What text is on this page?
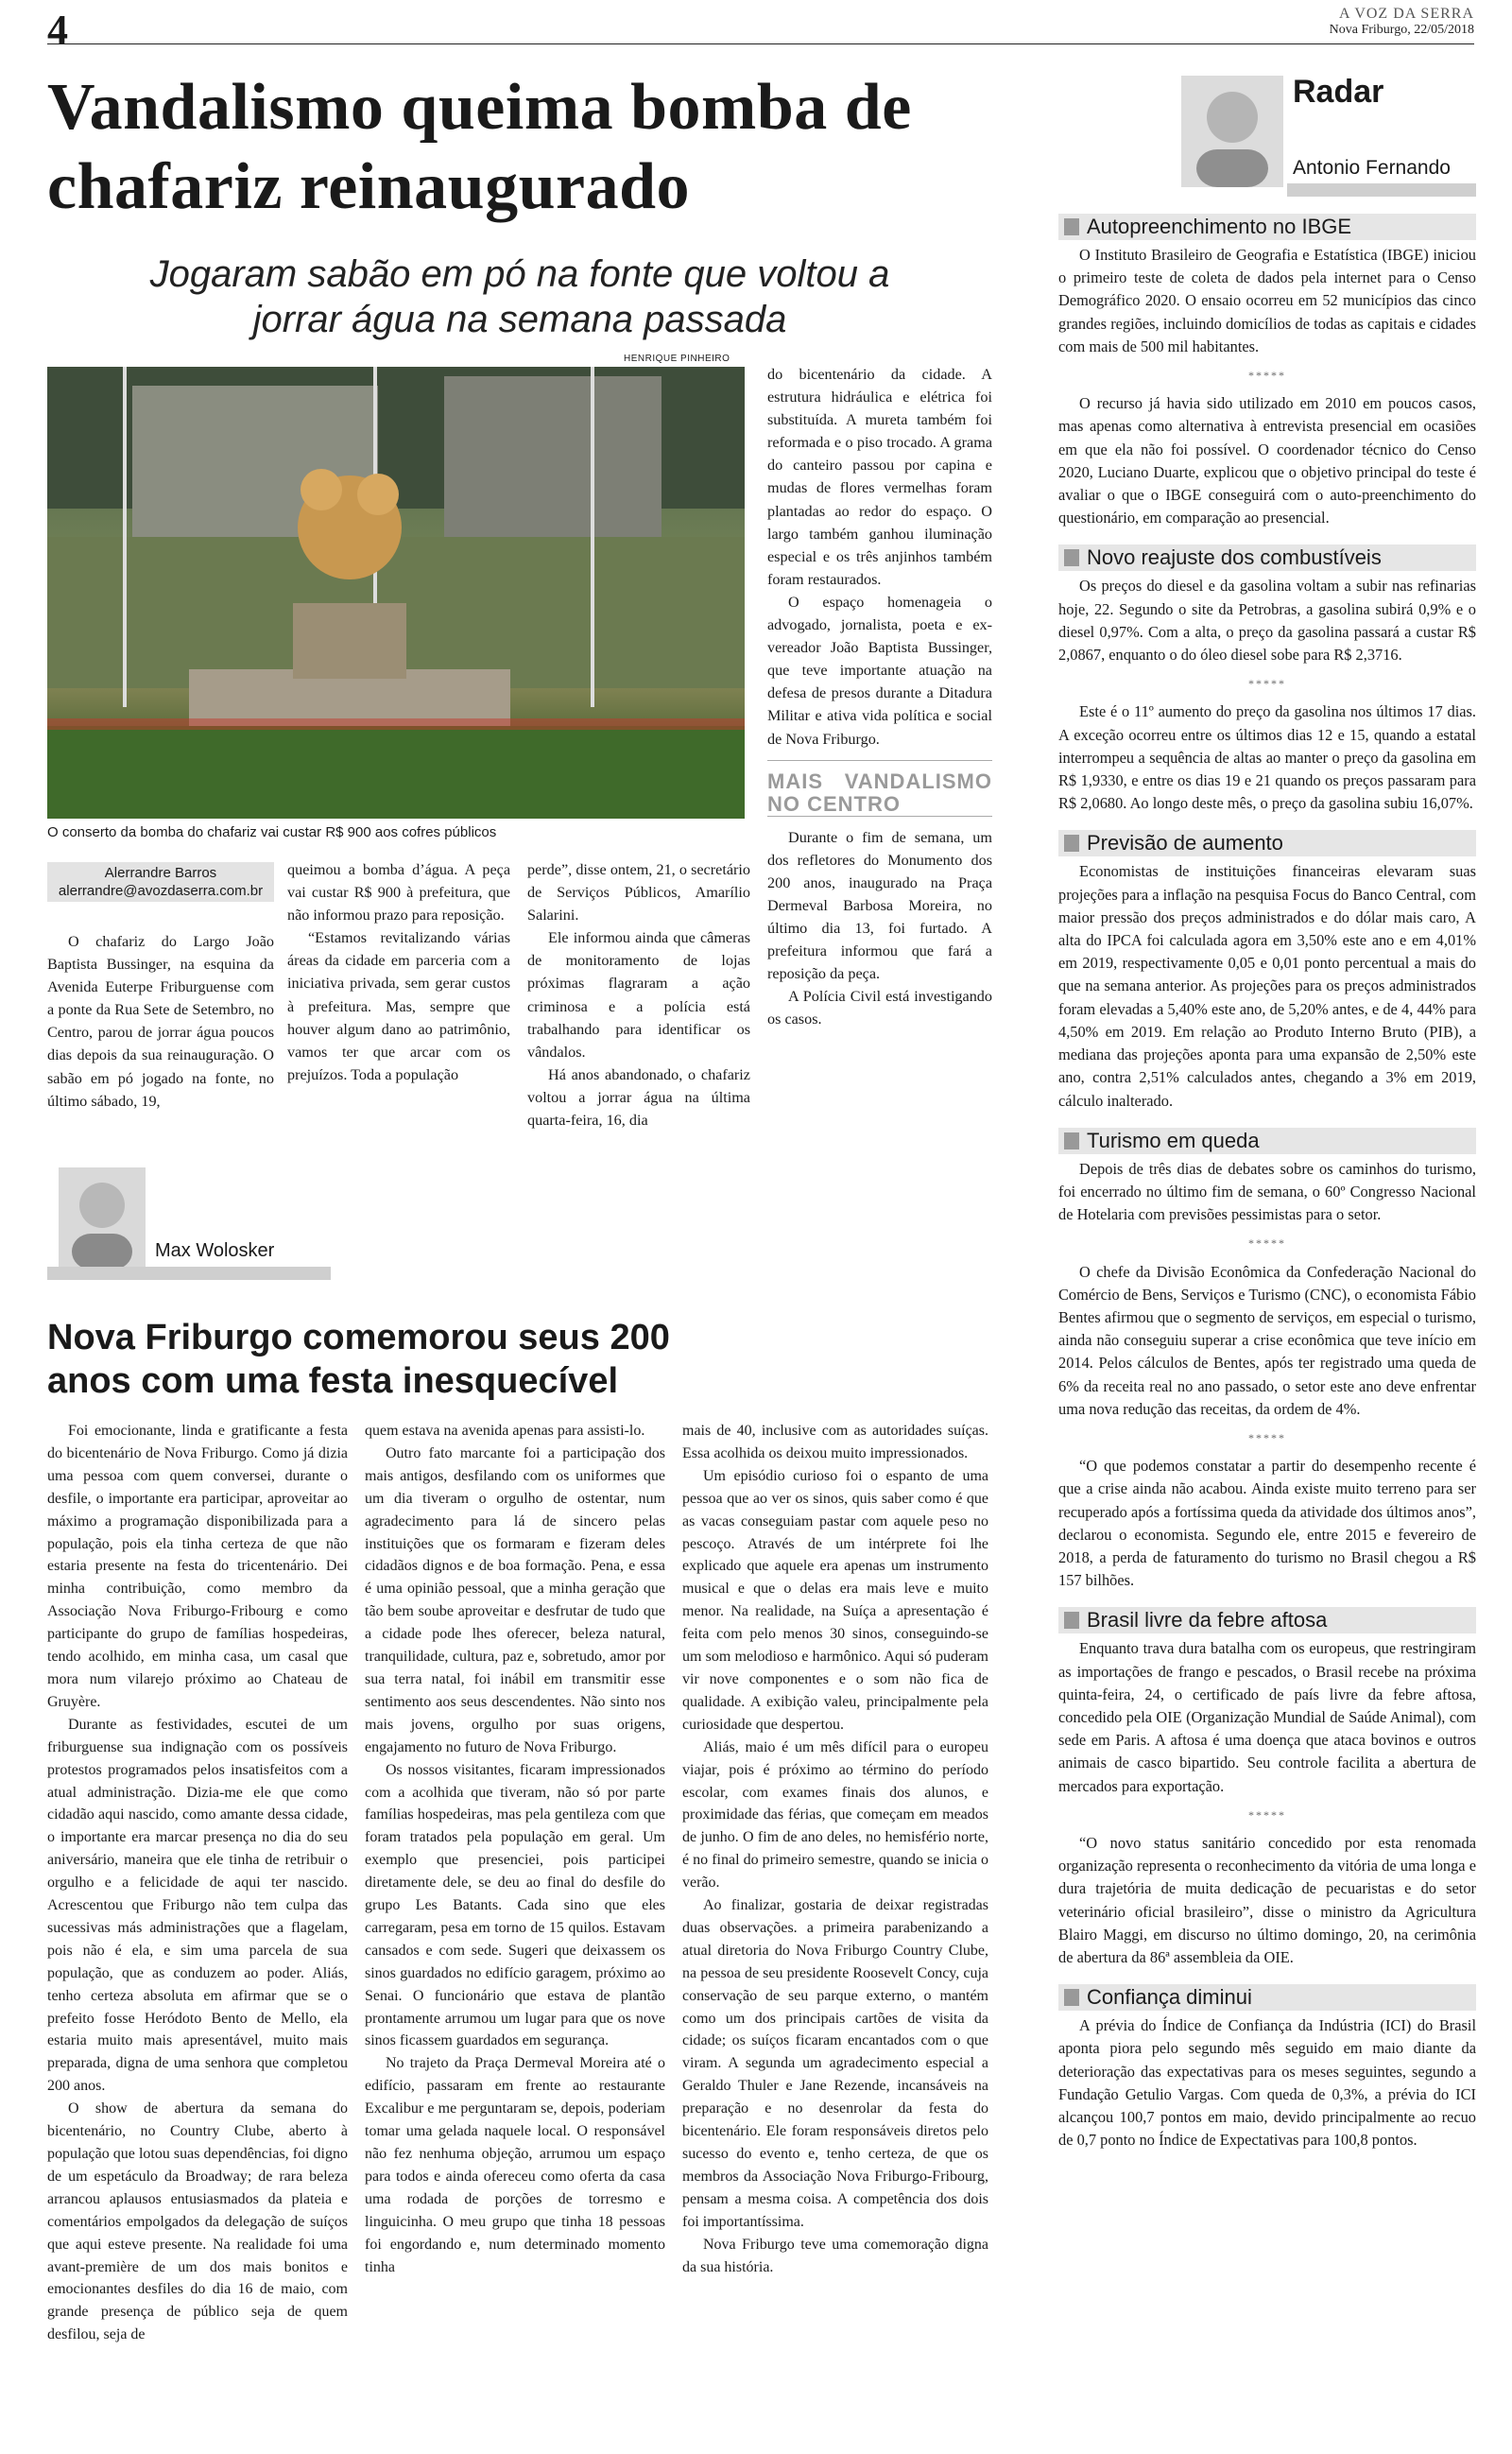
4	A VOZ DA SERRA
Nova Friburgo, 22/05/2018
Vandalismo queima bomba de chafariz reinaugurado
Jogaram sabão em pó na fonte que voltou a jorrar água na semana passada
HENRIQUE PINHEIRO
O conserto da bomba do chafariz vai custar R$ 900 aos cofres públicos
Alerrandre Barros
alerrandre@avozdaserra.com.br

O chafariz do Largo João Baptista Bussinger, na esquina da Avenida Euterpe Friburguense com a ponte da Rua Sete de Setembro, no Centro, parou de jorrar água poucos dias depois da sua reinauguração. O sabão em pó jogado na fonte, no último sábado, 19,

queimou a bomba d’água. A peça vai custar R$ 900 à prefeitura, que não informou prazo para reposição.

“Estamos revitalizando várias áreas da cidade em parceria com a iniciativa privada, sem gerar custos à prefeitura. Mas, sempre que houver algum dano ao patrimônio, vamos ter que arcar com os prejuízos. Toda a população

perde”, disse ontem, 21, o secretário de Serviços Públicos, Amarílio Salarini.

Ele informou ainda que câmeras de monitoramento de lojas próximas flagraram a ação criminosa e a polícia está trabalhando para identificar os vândalos.

Há anos abandonado, o chafariz voltou a jorrar água na última quarta-feira, 16, dia

do bicentenário da cidade. A estrutura hidráulica e elétrica foi substituída. A mureta também foi reformada e o piso trocado. A grama do canteiro passou por capina e mudas de flores vermelhas foram plantadas ao redor do espaço. O largo também ganhou iluminação especial e os três anjinhos também foram restaurados.

O espaço homenageia o advogado, jornalista, poeta e ex-vereador João Baptista Bussinger, que teve importante atuação na defesa de presos durante a Ditadura Militar e ativa vida política e social de Nova Friburgo.

MAIS VANDALISMO NO CENTRO

Durante o fim de semana, um dos refletores do Monumento dos 200 anos, inaugurado na Praça Dermeval Barbosa Moreira, no último dia 13, foi furtado. A prefeitura informou que fará a reposição da peça.

A Polícia Civil está investigando os casos.

Max Wolosker
Nova Friburgo comemorou seus 200 anos com uma festa inesquecível

Foi emocionante, linda e gratificante a festa do bicentenário de Nova Friburgo. Como já dizia uma pessoa com quem conversei, durante o desfile, o importante era participar, aproveitar ao máximo a programação disponibilizada para a população, pois ela tinha certeza de que não estaria presente na festa do tricentenário. Dei minha contribuição, como membro da Associação Nova Friburgo-Fribourg e como participante do grupo de famílias hospedeiras, tendo acolhido, em minha casa, um casal que mora num vilarejo próximo ao Chateau de Gruyère.

Durante as festividades, escutei de um friburguense sua indignação com os possíveis protestos programados pelos insatisfeitos com a atual administração. Dizia-me ele que como cidadão aqui nascido, como amante dessa cidade, o importante era marcar presença no dia do seu aniversário, maneira que ele tinha de retribuir o orgulho e a felicidade de aqui ter nascido. Acrescentou que Friburgo não tem culpa das sucessivas más administrações que a flagelam, pois não é ela, e sim uma parcela de sua população, que as conduzem ao poder. Aliás, tenho certeza absoluta em afirmar que se o prefeito fosse Heródoto Bento de Mello, ela estaria muito mais apresentável, muito mais preparada, digna de uma senhora que completou 200 anos.

O show de abertura da semana do bicentenário, no Country Clube, aberto à população que lotou suas dependências, foi digno de um espetáculo da Broadway; de rara beleza arrancou aplausos entusiasmados da plateia e comentários empolgados da delegação de suíços que aqui esteve presente. Na realidade foi uma avant-première de um dos mais bonitos e emocionantes desfiles do dia 16 de maio, com grande presença de público seja de quem desfilou, seja de

quem estava na avenida apenas para assisti-lo.

Outro fato marcante foi a participação dos mais antigos, desfilando com os uniformes que um dia tiveram o orgulho de ostentar, num agradecimento para lá de sincero pelas instituições que os formaram e fizeram deles cidadãos dignos e de boa formação. Pena, e essa é uma opinião pessoal, que a minha geração que tão bem soube aproveitar e desfrutar de tudo que a cidade pode lhes oferecer, beleza natural, tranquilidade, cultura, paz e, sobretudo, amor por sua terra natal, foi inábil em transmitir esse sentimento aos seus descendentes. Não sinto nos mais jovens, orgulho por suas origens, engajamento no futuro de Nova Friburgo.

Os nossos visitantes, ficaram impressionados com a acolhida que tiveram, não só por parte famílias hospedeiras, mas pela gentileza com que foram tratados pela população em geral. Um exemplo que presenciei, pois participei diretamente dele, se deu ao final do desfile do grupo Les Batants. Cada sino que eles carregaram, pesa em torno de 15 quilos. Estavam cansados e com sede. Sugeri que deixassem os sinos guardados no edifício garagem, próximo ao Senai. O funcionário que estava de plantão prontamente arrumou um lugar para que os nove sinos ficassem guardados em segurança.

No trajeto da Praça Dermeval Moreira até o edifício, passaram em frente ao restaurante Excalibur e me perguntaram se, depois, poderiam tomar uma gelada naquele local. O responsável não fez nenhuma objeção, arrumou um espaço para todos e ainda ofereceu como oferta da casa uma rodada de porções de torresmo e linguicinha. O meu grupo que tinha 18 pessoas foi engordando e, num determinado momento tinha

mais de 40, inclusive com as autoridades suíças. Essa acolhida os deixou muito impressionados.

Um episódio curioso foi o espanto de uma pessoa que ao ver os sinos, quis saber como é que as vacas conseguiam pastar com aquele peso no pescoço. Através de um intérprete foi lhe explicado que aquele era apenas um instrumento musical e que o delas era mais leve e muito menor. Na realidade, na Suíça a apresentação é feita com pelo menos 30 sinos, conseguindo-se um som melodioso e harmônico. Aqui só puderam vir nove componentes e o som não fica de qualidade. A exibição valeu, principalmente pela curiosidade que despertou.

Aliás, maio é um mês difícil para o europeu viajar, pois é próximo ao término do período escolar, com exames finais dos alunos, e proximidade das férias, que começam em meados de junho. O fim de ano deles, no hemisfério norte, é no final do primeiro semestre, quando se inicia o verão.

Ao finalizar, gostaria de deixar registradas duas observações. a primeira parabenizando a atual diretoria do Nova Friburgo Country Clube, na pessoa de seu presidente Roosevelt Concy, cuja conservação de seu parque externo, o mantém como um dos principais cartões de visita da cidade; os suíços ficaram encantados com o que viram. A segunda um agradecimento especial a Geraldo Thuler e Jane Rezende, incansáveis na preparação e no desenrolar da festa do bicentenário. Ele foram responsáveis diretos pelo sucesso do evento e, tenho certeza, de que os membros da Associação Nova Friburgo-Fribourg, pensam a mesma coisa. A competência dos dois foi importantíssima.

Nova Friburgo teve uma comemoração digna da sua história.

Radar
Antonio Fernando
Autopreenchimento no IBGE

O Instituto Brasileiro de Geografia e Estatística (IBGE) iniciou o primeiro teste de coleta de dados pela internet para o Censo Demográfico 2020. O ensaio ocorreu em 52 municípios das cinco grandes regiões, incluindo domicílios de todas as capitais e cidades com mais de 500 mil habitantes.

*****

O recurso já havia sido utilizado em 2010 em poucos casos, mas apenas como alternativa à entrevista presencial em ocasiões em que ela não foi possível. O coordenador técnico do Censo 2020, Luciano Duarte, explicou que o objetivo principal do teste é avaliar o que o IBGE conseguirá com o auto-preenchimento do questionário, em comparação ao presencial.

Novo reajuste dos combustíveis

Os preços do diesel e da gasolina voltam a subir nas refinarias hoje, 22. Segundo o site da Petrobras, a gasolina subirá 0,9% e o diesel 0,97%. Com a alta, o preço da gasolina passará a custar R$ 2,0867, enquanto o do óleo diesel sobe para R$ 2,3716.

*****

Este é o 11º aumento do preço da gasolina nos últimos 17 dias. A exceção ocorreu entre os últimos dias 12 e 15, quando a estatal interrompeu a sequência de altas ao manter o preço da gasolina em R$ 1,9330, e entre os dias 19 e 21 quando os preços passaram para R$ 2,0680. Ao longo deste mês, o preço da gasolina subiu 16,07%.

Previsão de aumento

Economistas de instituições financeiras elevaram suas projeções para a inflação na pesquisa Focus do Banco Central, com maior pressão dos preços administrados e do dólar mais caro, A alta do IPCA foi calculada agora em 3,50% este ano e em 4,01% em 2019, respectivamente 0,05 e 0,01 ponto percentual a mais do que na semana anterior. As projeções para os preços administrados foram elevadas a 5,40% este ano, de 5,20% antes, e de 4, 44% para 4,50% em 2019. Em relação ao Produto Interno Bruto (PIB), a mediana das projeções aponta para uma expansão de 2,50% este ano, contra 2,51% calculados antes, chegando a 3% em 2019, cálculo inalterado.

Turismo em queda

Depois de três dias de debates sobre os caminhos do turismo, foi encerrado no último fim de semana, o 60º Congresso Nacional de Hotelaria com previsões pessimistas para o setor.

*****

O chefe da Divisão Econômica da Confederação Nacional do Comércio de Bens, Serviços e Turismo (CNC), o economista Fábio Bentes afirmou que o segmento de serviços, em especial o turismo, ainda não conseguiu superar a crise econômica que teve início em 2014. Pelos cálculos de Bentes, após ter registrado uma queda de 6% da receita real no ano passado, o setor este ano deve enfrentar uma nova redução das receitas, da ordem de 4%.

*****

“O que podemos constatar a partir do desempenho recente é que a crise ainda não acabou. Ainda existe muito terreno para ser recuperado após a fortíssima queda da atividade dos últimos anos”, declarou o economista. Segundo ele, entre 2015 e fevereiro de 2018, a perda de faturamento do turismo no Brasil chegou a R$ 157 bilhões.

Brasil livre da febre aftosa

Enquanto trava dura batalha com os europeus, que restringiram as importações de frango e pescados, o Brasil recebe na próxima quinta-feira, 24, o certificado de país livre da febre aftosa, concedido pela OIE (Organização Mundial de Saúde Animal), com sede em Paris. A aftosa é uma doença que ataca bovinos e outros animais de casco bipartido. Seu controle facilita a abertura de mercados para exportação.

*****

“O novo status sanitário concedido por esta renomada organização representa o reconhecimento da vitória de uma longa e dura trajetória de muita dedicação de pecuaristas e do setor veterinário oficial brasileiro”, disse o ministro da Agricultura Blairo Maggi, em discurso no último domingo, 20, na cerimônia de abertura da 86ª assembleia da OIE.

Confiança diminui

A prévia do Índice de Confiança da Indústria (ICI) do Brasil aponta piora pelo segundo mês seguido em maio diante da deterioração das expectativas para os meses seguintes, segundo a Fundação Getulio Vargas. Com queda de 0,3%, a prévia do ICI alcançou 100,7 pontos em maio, devido principalmente ao recuo de 0,7 ponto no Índice de Expectativas para 100,8 pontos.
